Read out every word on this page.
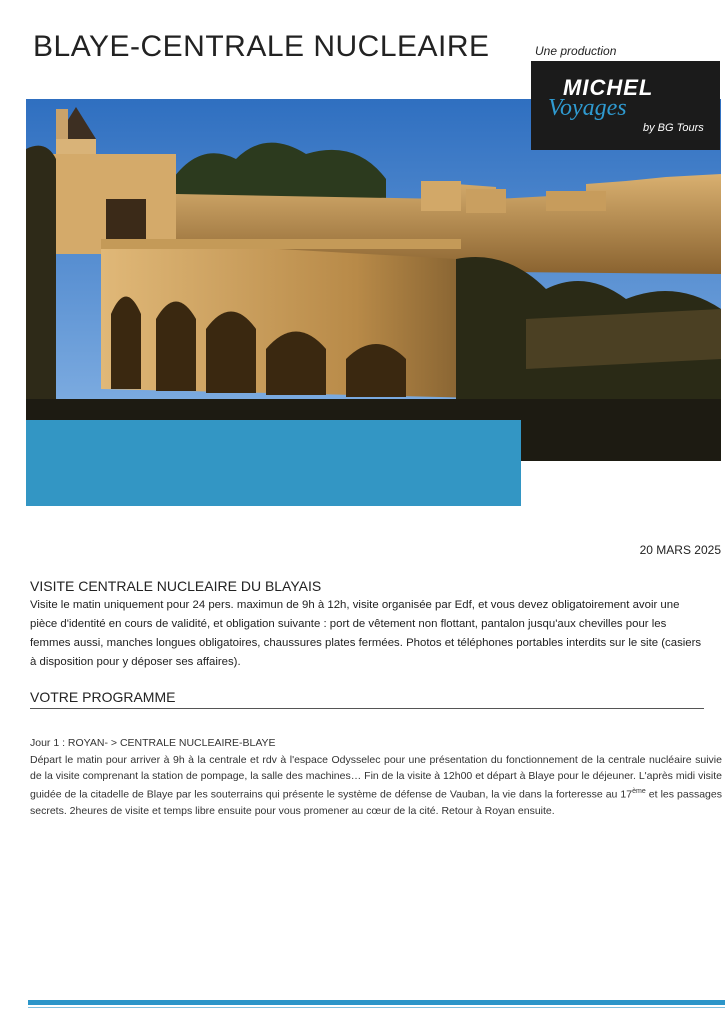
BLAYE-CENTRALE NUCLEAIRE	Une production
MICHEL
Voyages
by BG Tours
20 MARS 2025
VISITE CENTRALE NUCLEAIRE DU BLAYAIS

Visite le matin uniquement pour 24 pers. maximun de 9h à 12h, visite organisée par Edf, et vous devez obligatoirement avoir une pièce d'identité en cours de validité, et obligation suivante : port de vêtement non flottant, pantalon jusqu'aux chevilles pour les femmes aussi, manches longues obligatoires, chaussures plates fermées. Photos et téléphones portables interdits sur le site (casiers à disposition pour y déposer ses affaires).

VOTRE PROGRAMME
Jour 1 : ROYAN- > CENTRALE NUCLEAIRE-BLAYE

Départ le matin pour arriver à 9h à la centrale et rdv à l'espace Odysselec pour une présentation du fonctionnement de la centrale nucléaire suivie de la visite comprenant la station de pompage, la salle des machines… Fin de la visite à 12h00 et départ à Blaye pour le déjeuner. L'après midi visite guidée de la citadelle de Blaye par les souterrains qui présente le système de défense de Vauban, la vie dans la forteresse au 17ème et les passages secrets. 2heures de visite et temps libre ensuite pour vous promener au cœur de la cité. Retour à Royan ensuite.
